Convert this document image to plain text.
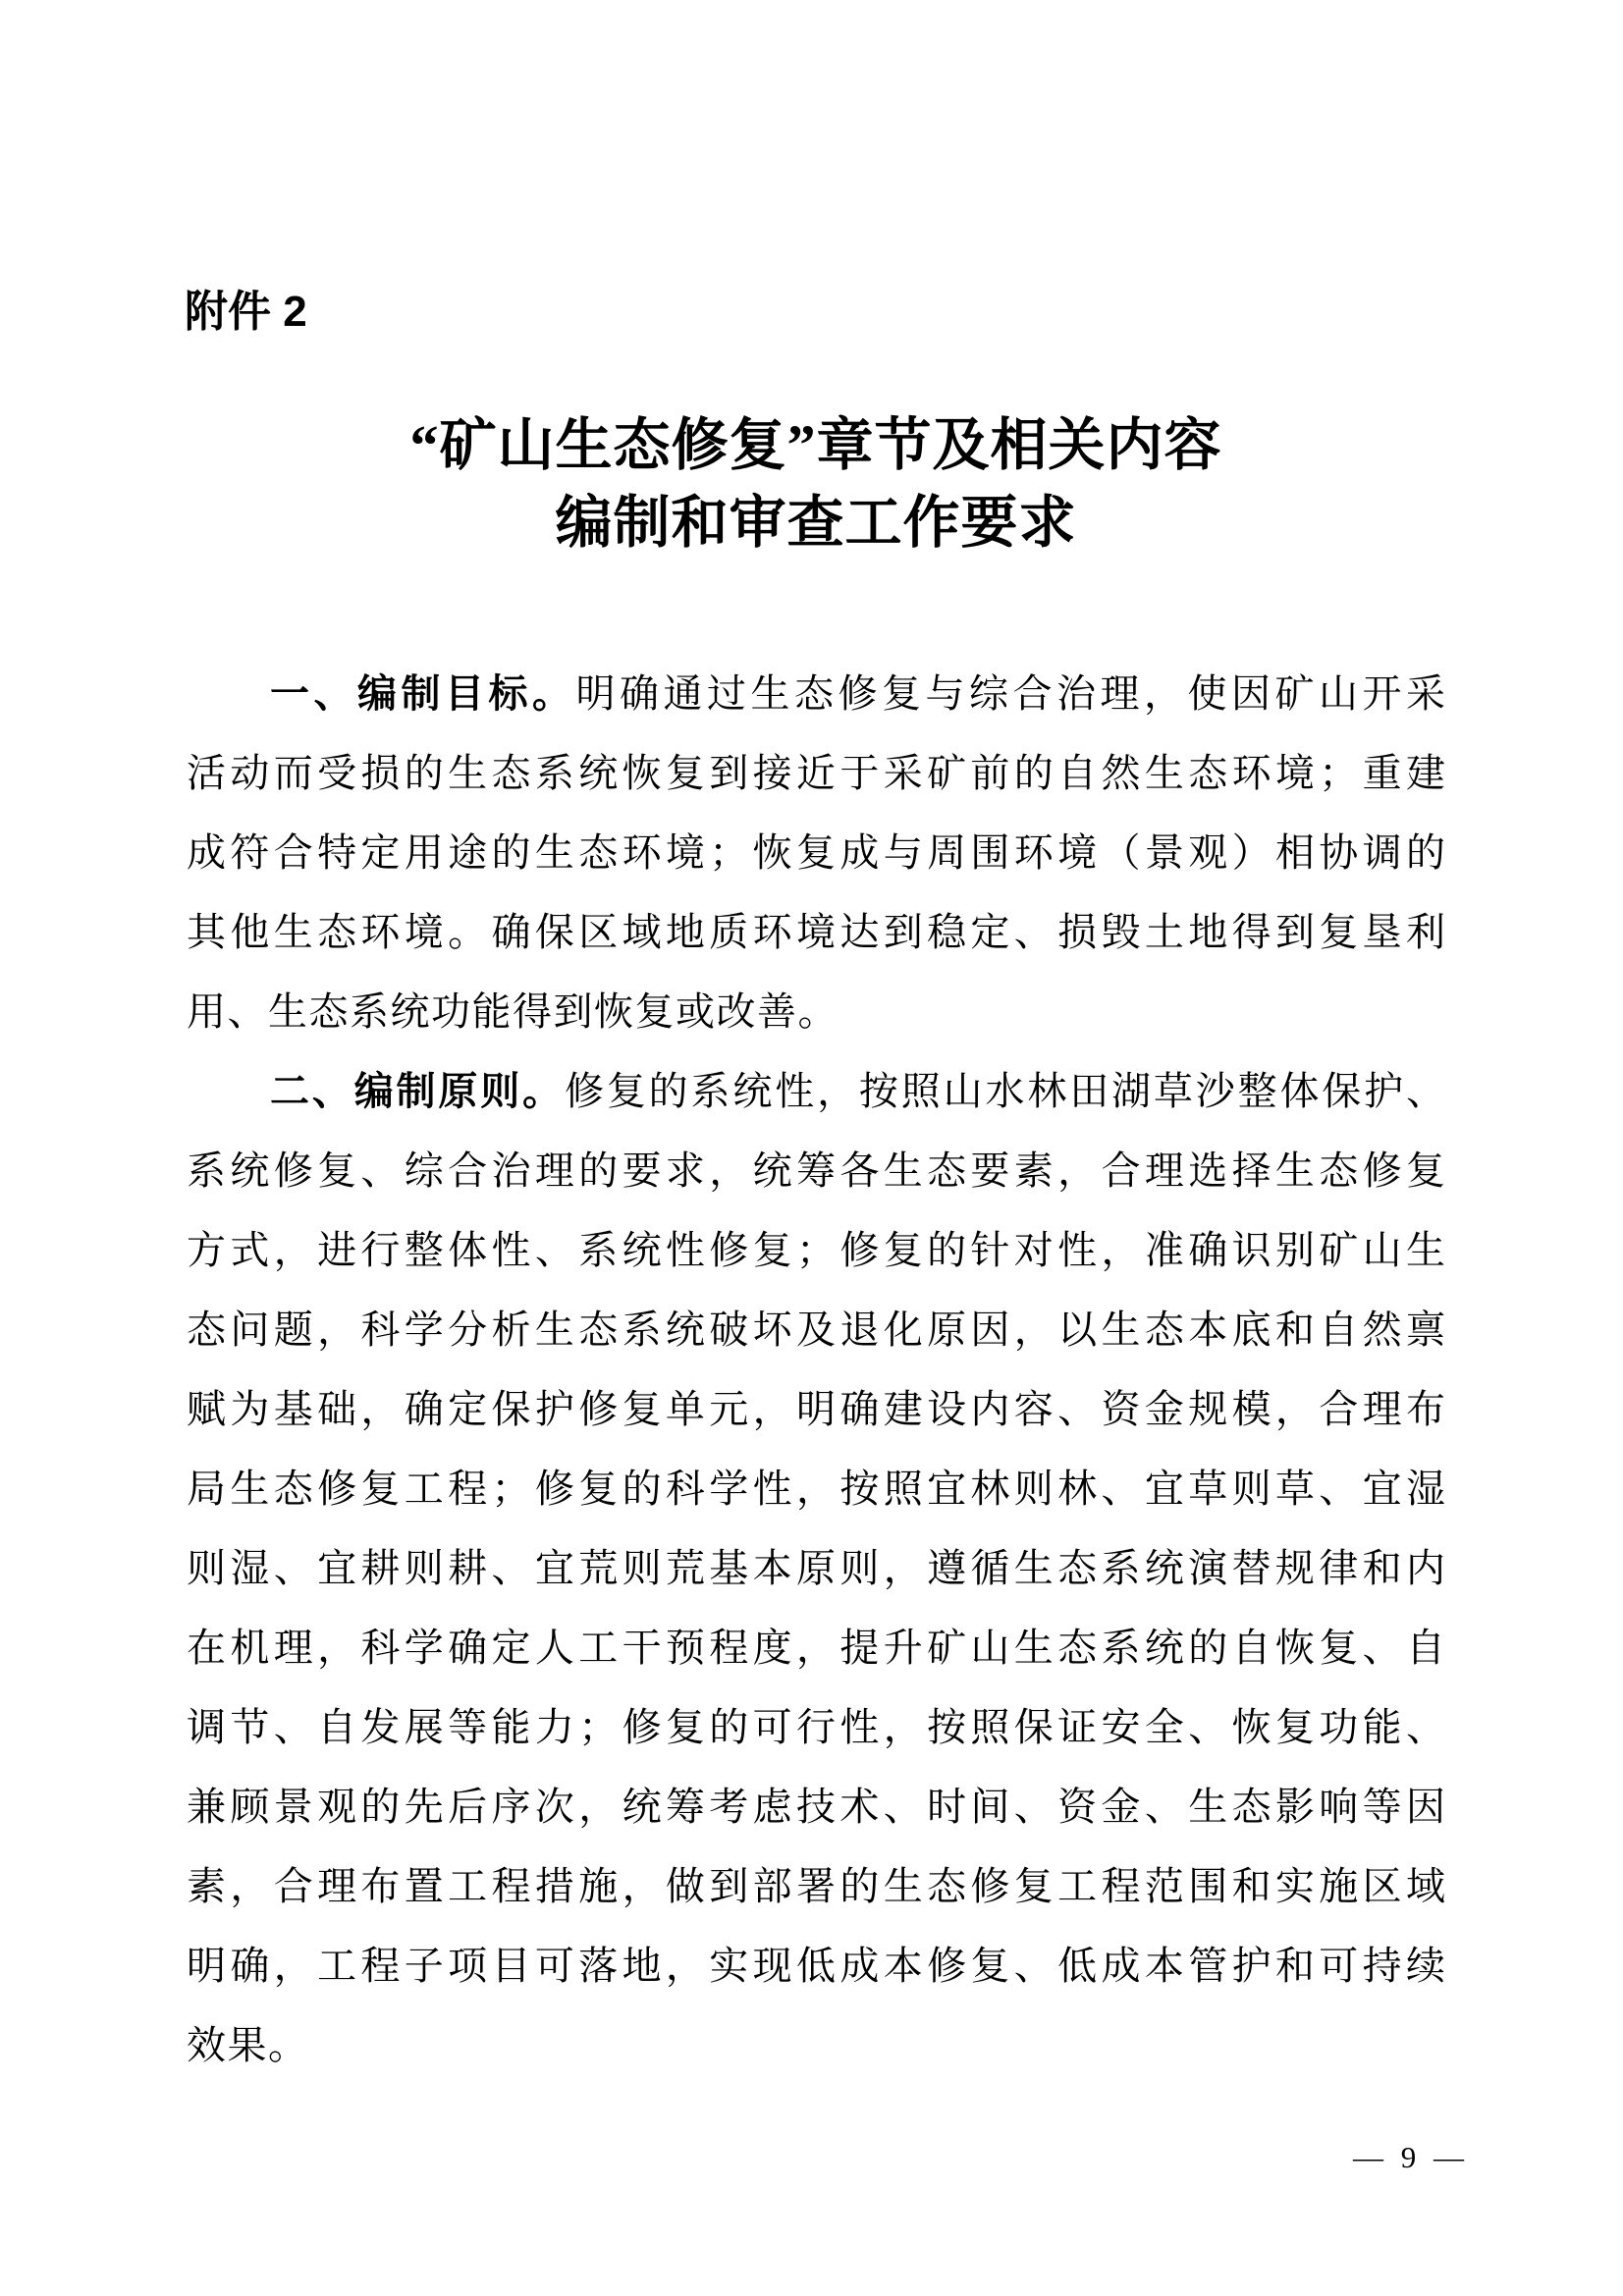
附件 2
“矿山生态修复”章节及相关内容
编制和审查工作要求
一、编制目标。明确通过生态修复与综合治理，使因矿山开采
活动而受损的生态系统恢复到接近于采矿前的自然生态环境；重建
成符合特定用途的生态环境；恢复成与周围环境（景观）相协调的
其他生态环境。确保区域地质环境达到稳定、损毁土地得到复垦利
用、生态系统功能得到恢复或改善。
二、编制原则。修复的系统性，按照山水林田湖草沙整体保护、
系统修复、综合治理的要求，统筹各生态要素，合理选择生态修复
方式，进行整体性、系统性修复；修复的针对性，准确识别矿山生
态问题，科学分析生态系统破坏及退化原因，以生态本底和自然禀
赋为基础，确定保护修复单元，明确建设内容、资金规模，合理布
局生态修复工程；修复的科学性，按照宜林则林、宜草则草、宜湿
则湿、宜耕则耕、宜荒则荒基本原则，遵循生态系统演替规律和内
在机理，科学确定人工干预程度，提升矿山生态系统的自恢复、自
调节、自发展等能力；修复的可行性，按照保证安全、恢复功能、
兼顾景观的先后序次，统筹考虑技术、时间、资金、生态影响等因
素，合理布置工程措施，做到部署的生态修复工程范围和实施区域
明确，工程子项目可落地，实现低成本修复、低成本管护和可持续
效果。
— 9 —
